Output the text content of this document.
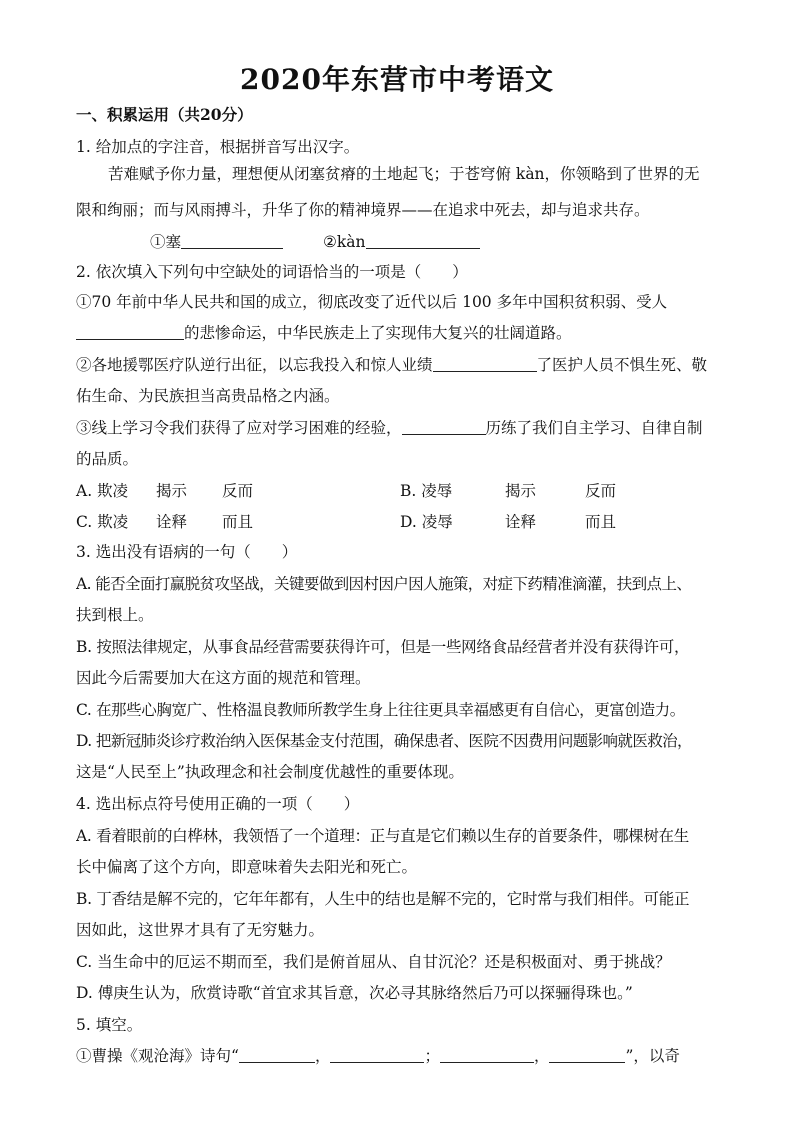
2020年东营市中考语文
一、积累运用（共20分）
1. 给加点的字注音，根据拼音写出汉字。
苦难赋予你力量，理想便从闭塞贫瘠的土地起飞；于苍穹俯 kàn，你领略到了世界的无
限和绚丽；而与风雨搏斗，升华了你的精神境界——在追求中死去，却与追求共存。
①塞	②kàn
2. 依次填入下列句中空缺处的词语恰当的一项是（　　）
①70 年前中华人民共和国的成立，彻底改变了近代以后 100 多年中国积贫积弱、受人
的悲惨命运，中华民族走上了实现伟大复兴的壮阔道路。
②各地援鄂医疗队逆行出征，以忘我投入和惊人业绩	了医护人员不惧生死、敬
佑生命、为民族担当高贵品格之内涵。
③线上学习令我们获得了应对学习困难的经验，	历练了我们自主学习、自律自制
的品质。
A. 欺凌 揭示 反而	B. 凌辱	揭示	反而
C. 欺凌 诠释 而且	D. 凌辱	诠释	而且
3. 选出没有语病的一句（　　）
A. 能否全面打赢脱贫攻坚战，关键要做到因村因户因人施策，对症下药精准滴灌，扶到点上、
扶到根上。
B. 按照法律规定，从事食品经营需要获得许可，但是一些网络食品经营者并没有获得许可，
因此今后需要加大在这方面的规范和管理。
C. 在那些心胸宽广、性格温良教师所教学生身上往往更具幸福感更有自信心，更富创造力。
D. 把新冠肺炎诊疗救治纳入医保基金支付范围，确保患者、医院不因费用问题影响就医救治，
这是“人民至上”执政理念和社会制度优越性的重要体现。
4. 选出标点符号使用正确的一项（　　）
A. 看着眼前的白桦林，我领悟了一个道理：正与直是它们赖以生存的首要条件，哪棵树在生
长中偏离了这个方向，即意味着失去阳光和死亡。
B. 丁香结是解不完的，它年年都有，人生中的结也是解不完的，它时常与我们相伴。可能正
因如此，这世界才具有了无穷魅力。
C. 当生命中的厄运不期而至，我们是俯首屈从、自甘沉沦？还是积极面对、勇于挑战？
D. 傅庚生认为，欣赏诗歌“首宜求其旨意，次必寻其脉络然后乃可以探骊得珠也。”
5. 填空。
①曹操《观沧海》诗句“	，	；	，	”，以奇
